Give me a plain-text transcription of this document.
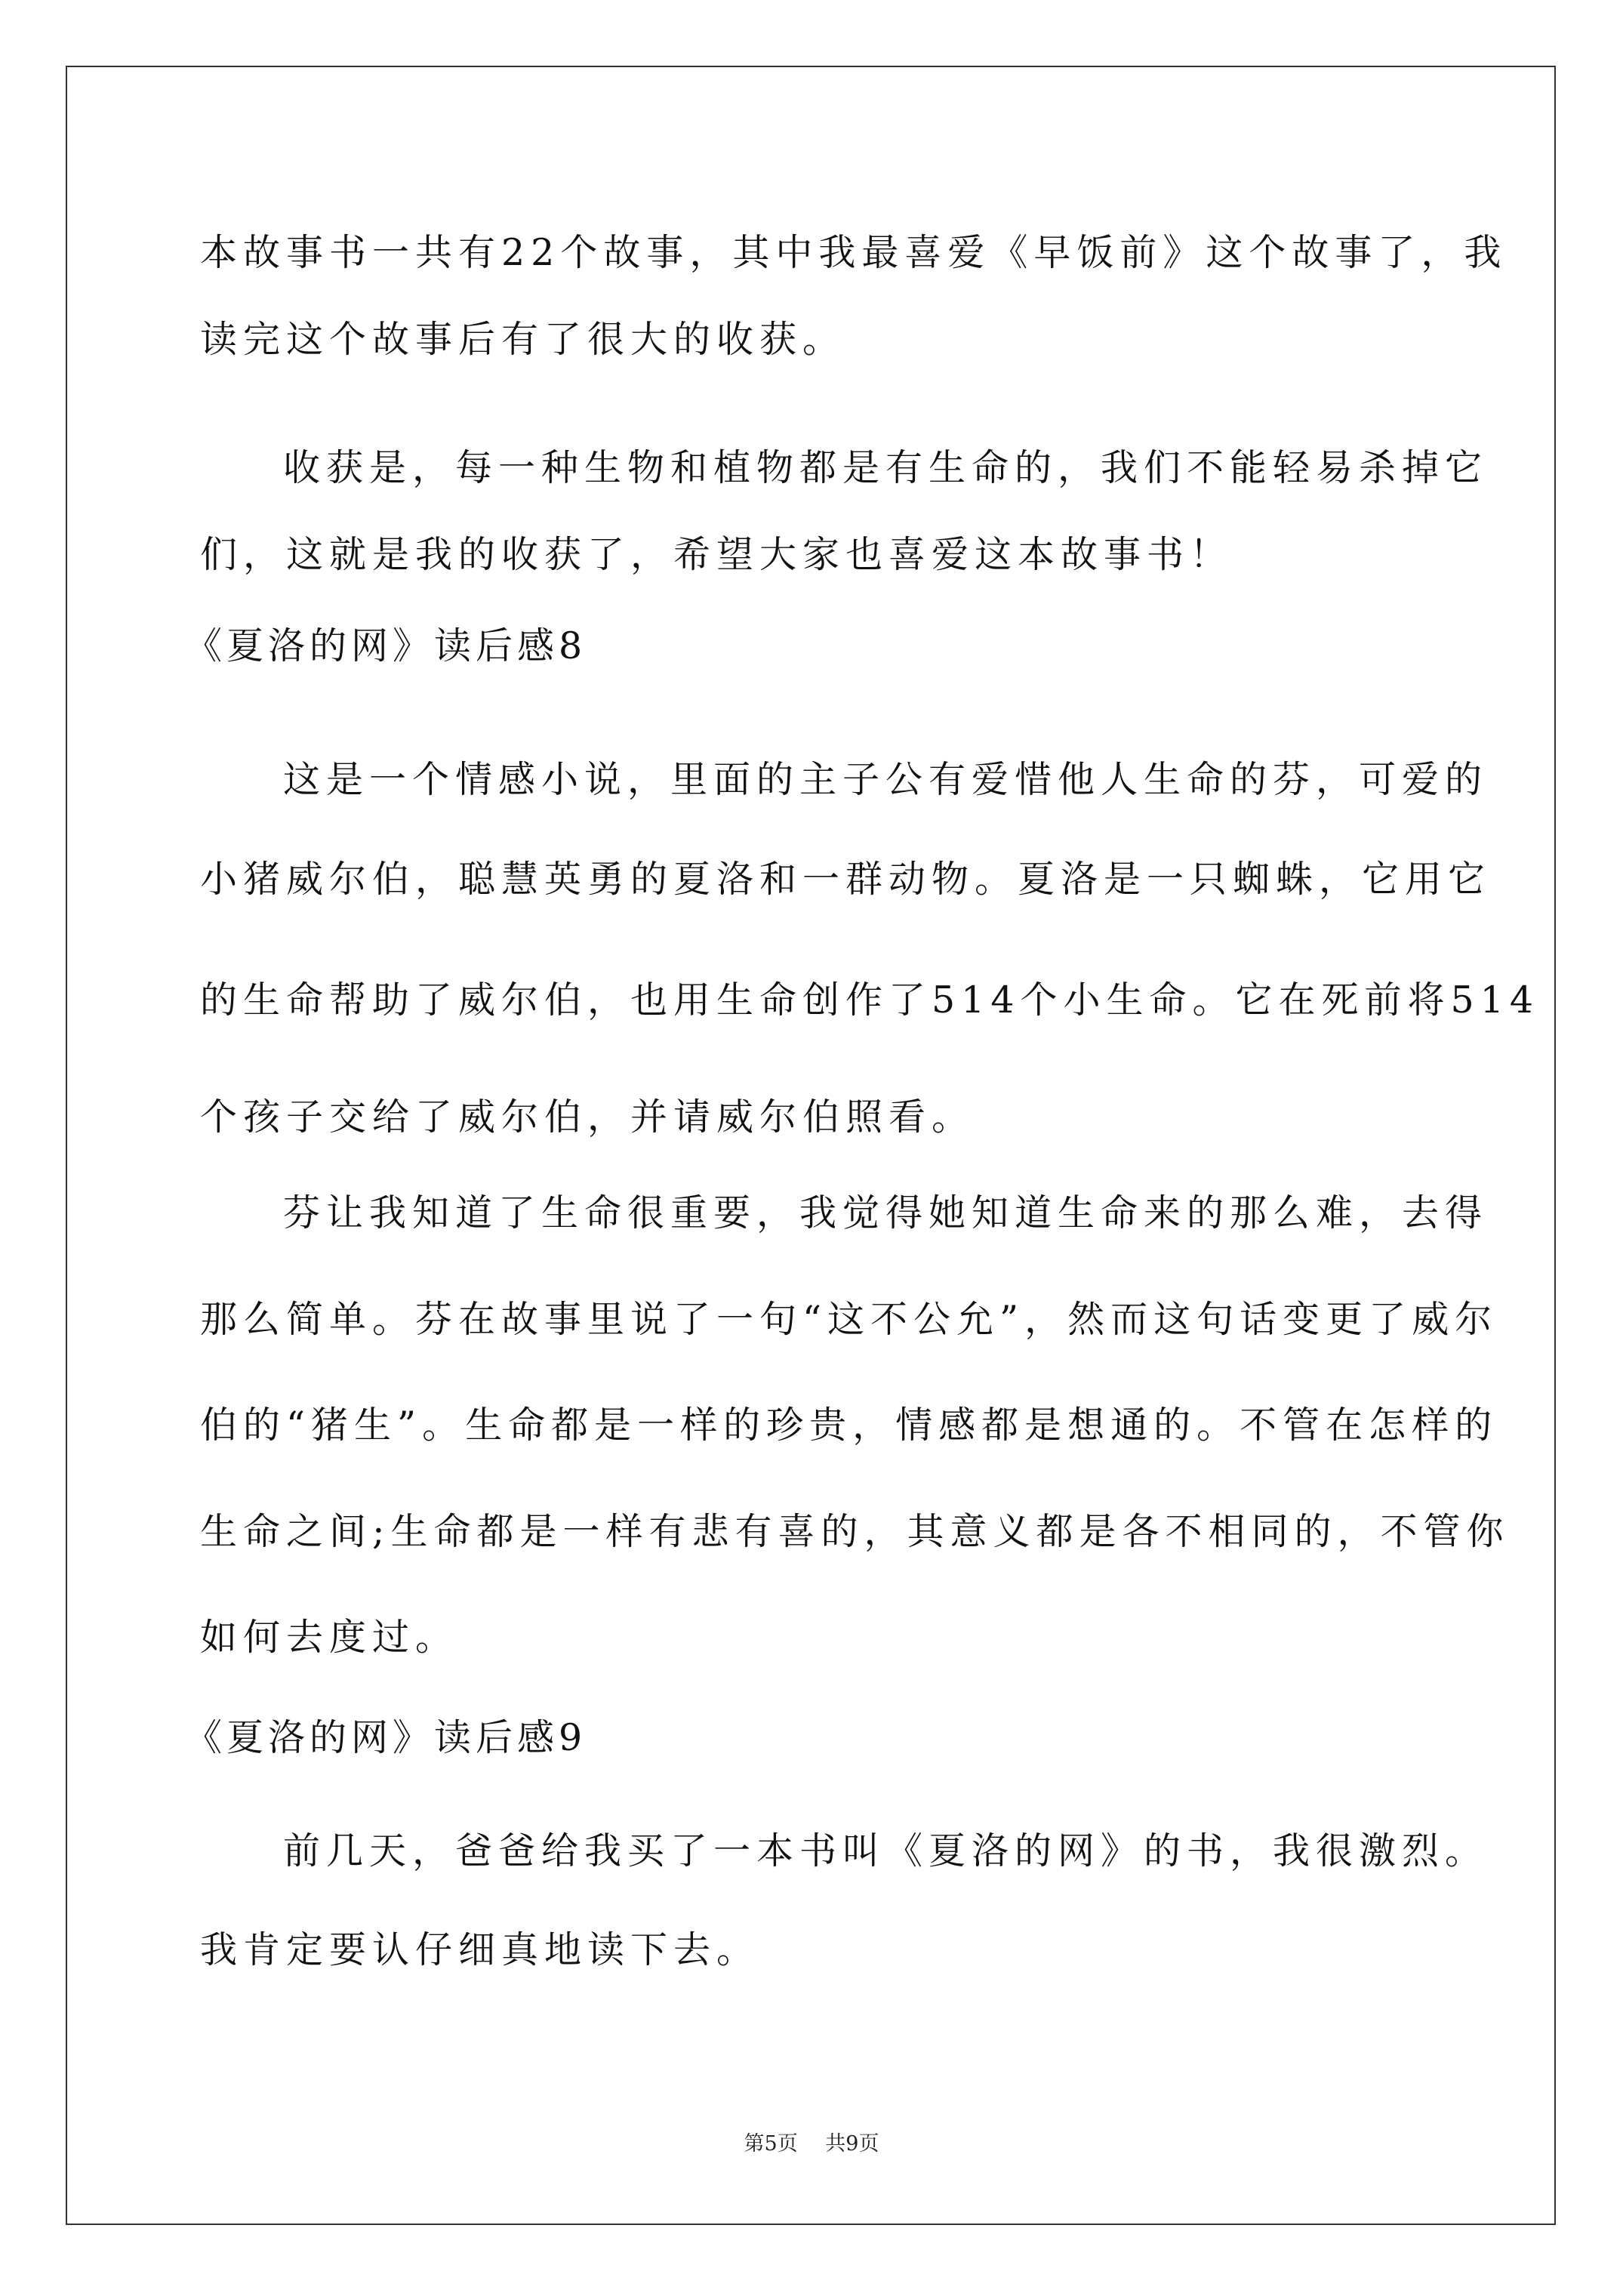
本故事书一共有22个故事，其中我最喜爱《早饭前》这个故事了，我
读完这个故事后有了很大的收获。
收获是，每一种生物和植物都是有生命的，我们不能轻易杀掉它
们，这就是我的收获了，希望大家也喜爱这本故事书！
《夏洛的网》读后感8
这是一个情感小说，里面的主子公有爱惜他人生命的芬，可爱的
小猪威尔伯，聪慧英勇的夏洛和一群动物。夏洛是一只蜘蛛，它用它
的生命帮助了威尔伯，也用生命创作了514个小生命。它在死前将514
个孩子交给了威尔伯，并请威尔伯照看。
芬让我知道了生命很重要，我觉得她知道生命来的那么难，去得
那么简单。芬在故事里说了一句“这不公允”，然而这句话变更了威尔
伯的“猪生”。生命都是一样的珍贵，情感都是想通的。不管在怎样的
生命之间;生命都是一样有悲有喜的，其意义都是各不相同的，不管你
如何去度过。
《夏洛的网》读后感9
前几天，爸爸给我买了一本书叫《夏洛的网》的书，我很激烈。
我肯定要认仔细真地读下去。
第5页 共9页
